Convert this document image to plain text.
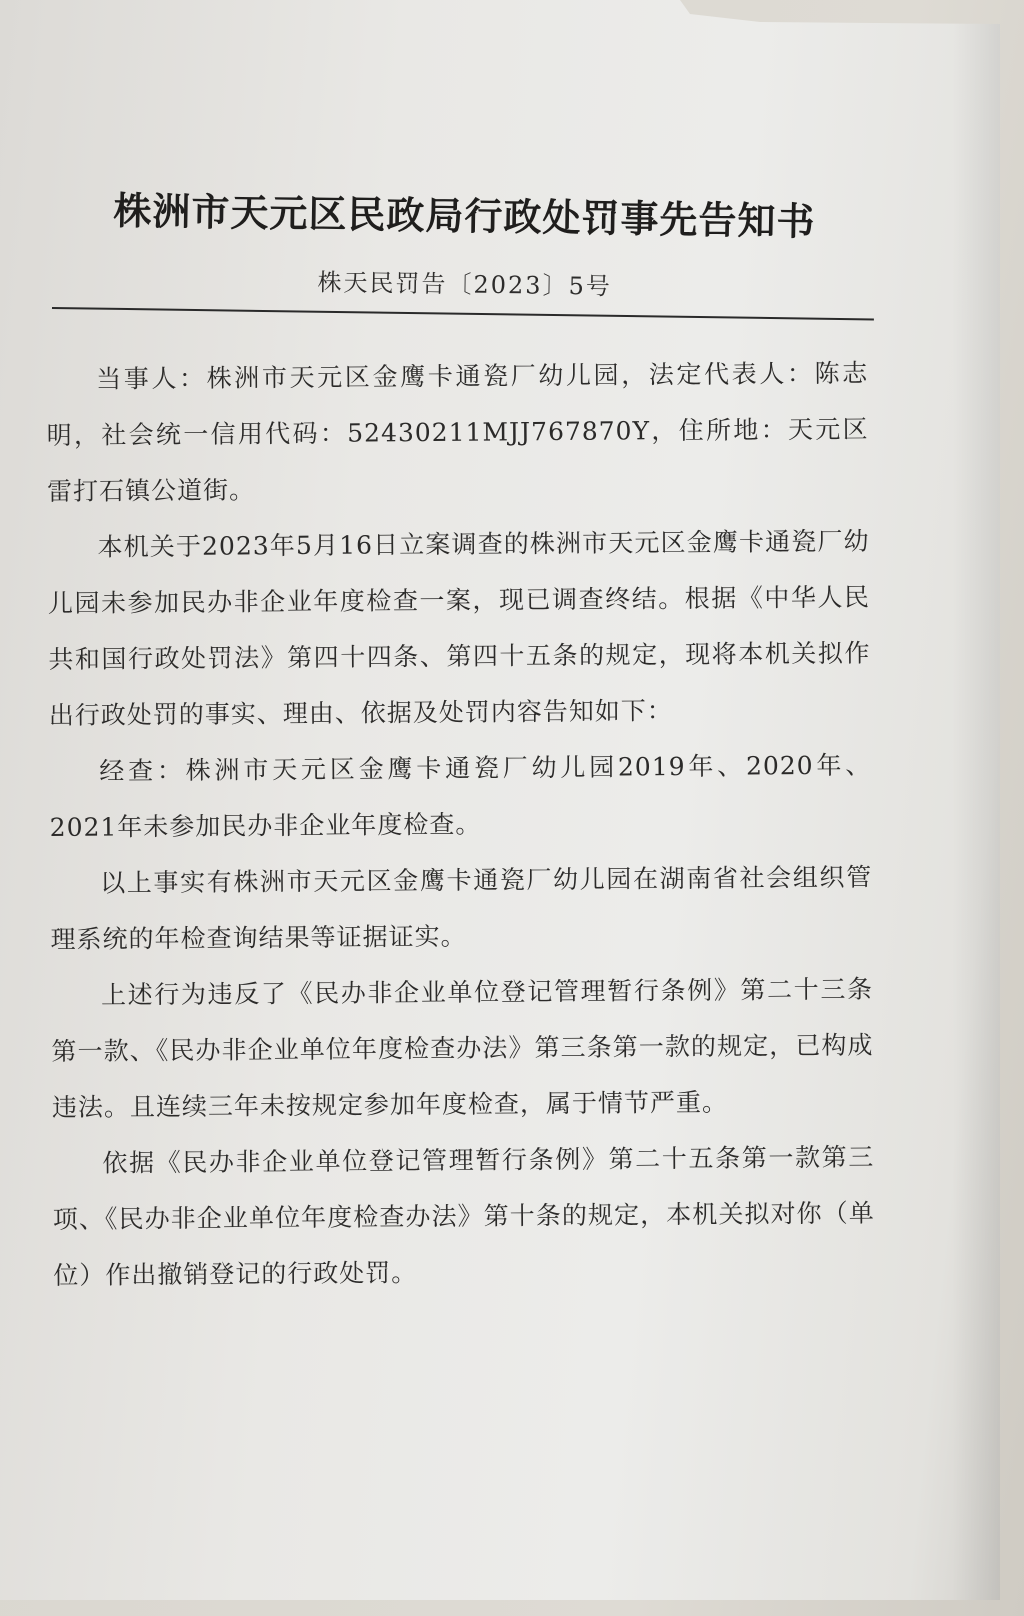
株洲市天元区民政局行政处罚事先告知书
株天民罚告〔2023〕5号

当事人：株洲市天元区金鹰卡通瓷厂幼儿园，法定代表人：陈志明，社会统一信用代码：52430211MJJ767870Y，住所地：天元区雷打石镇公道街。

本机关于2023年5月16日立案调查的株洲市天元区金鹰卡通瓷厂幼儿园未参加民办非企业年度检查一案，现已调查终结。根据《中华人民共和国行政处罚法》第四十四条、第四十五条的规定，现将本机关拟作出行政处罚的事实、理由、依据及处罚内容告知如下：

经查：株洲市天元区金鹰卡通瓷厂幼儿园2019年、2020年、2021年未参加民办非企业年度检查。

以上事实有株洲市天元区金鹰卡通瓷厂幼儿园在湖南省社会组织管理系统的年检查询结果等证据证实。

上述行为违反了《民办非企业单位登记管理暂行条例》第二十三条第一款、《民办非企业单位年度检查办法》第三条第一款的规定，已构成违法。且连续三年未按规定参加年度检查，属于情节严重。

依据《民办非企业单位登记管理暂行条例》第二十五条第一款第三项、《民办非企业单位年度检查办法》第十条的规定，本机关拟对你（单位）作出撤销登记的行政处罚。
